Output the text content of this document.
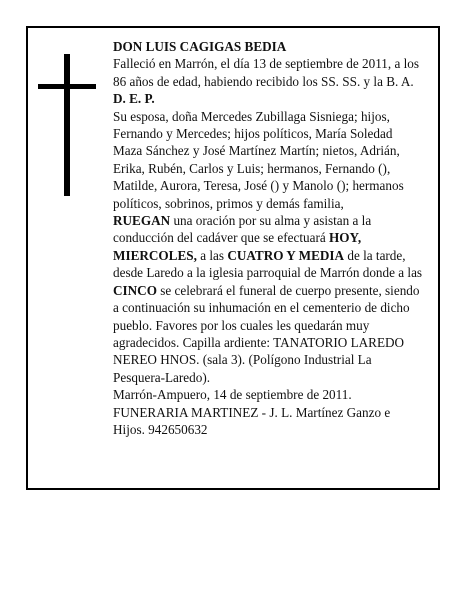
DON LUIS CAGIGAS BEDIA

Falleció en Marrón, el día 13 de septiembre de 2011, a los 86 años de edad, habiendo recibido los SS. SS. y la B. A.

D. E. P.

Su esposa, doña Mercedes Zubillaga Sisniega; hijos, Fernando y Mercedes; hijos políticos, María Soledad Maza Sánchez y José Martínez Martín; nietos, Adrián, Erika, Rubén, Carlos y Luis; hermanos, Fernando (), Matilde, Aurora, Teresa, José () y Manolo (); hermanos políticos, sobrinos, primos y demás familia,

RUEGAN una oración por su alma y asistan a la conducción del cadáver que se efectuará HOY, MIERCOLES, a las CUATRO Y MEDIA de la tarde, desde Laredo a la iglesia parroquial de Marrón donde a las CINCO se celebrará el funeral de cuerpo presente, siendo a continuación su inhumación en el cementerio de dicho pueblo. Favores por los cuales les quedarán muy agradecidos. Capilla ardiente: TANATORIO LAREDO NEREO HNOS. (sala 3). (Polígono Industrial La Pesquera-Laredo).

Marrón-Ampuero, 14 de septiembre de 2011.

FUNERARIA MARTINEZ - J. L. Martínez Ganzo e Hijos. 942650632
